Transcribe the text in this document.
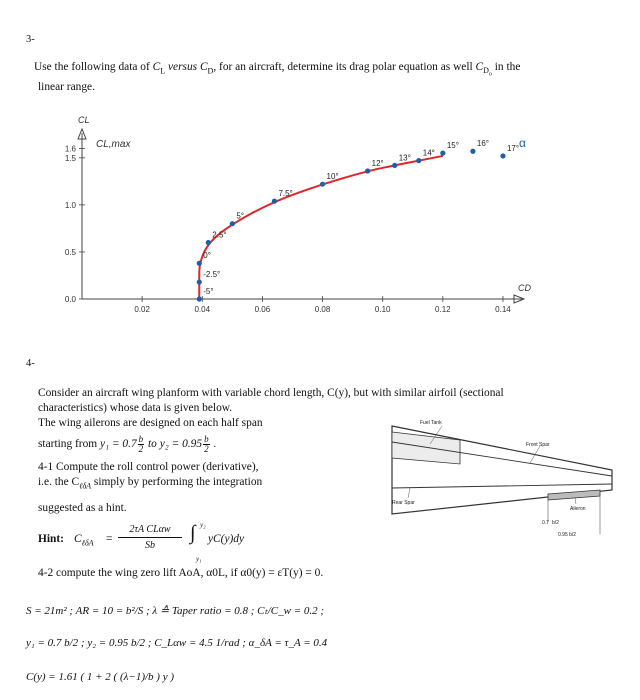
3-
Use the following data of $C_L$ versus $C_D$, for an aircraft, determine its drag polar equation as well $C_{D_o}$ in the
linear range.
0.02	0.04	0.06	0.08	0.10	0.12	0.14
0.0
0.5
1.0
1.5
1.6
-5°
-2.5°
0°
2.5°
5°
7.5°
10°
12°
13°
14°
15° 16°
17°
CL
CL,max
CD
α
4-
Consider an aircraft wing planform with variable chord length, C(y), but with similar airfoil (sectional
characteristics) whose data is given below.
The wing ailerons are designed on each half span
starting from $y_1 = 0.7 \frac{b}{2}$ to $y_2 = 0.95 \frac{b}{2}$ .
4-1 Compute the roll control power (derivative),
i.e. the $C_{\ell\delta A}$ simply by performing the integration
suggested as a hint.
Hint: $C_{\ell\delta A}$ =
2τA CLαw
Sb
∫ y₂
y₁
yC(y)dy
4-2 compute the wing zero lift AoA, α0L, if α0(y) = εT(y) = 0.
Fuel Tank
Front Spar
Rear Spar
Aileron
0.7 b/2
0.95 b/2
S = 21m² ; AR = 10 = b²/S ; λ ≙ Taper ratio = 0.8 ; Cₜ/C_w = 0.2 ;
y₁ = 0.7 b/2 ; y₂ = 0.95 b/2 ; C_Lαw = 4.5 1/rad ; α_δA = τ_A = 0.4
C(y) = 1.61 ( 1 + 2 ( (λ−1)/b ) y )
